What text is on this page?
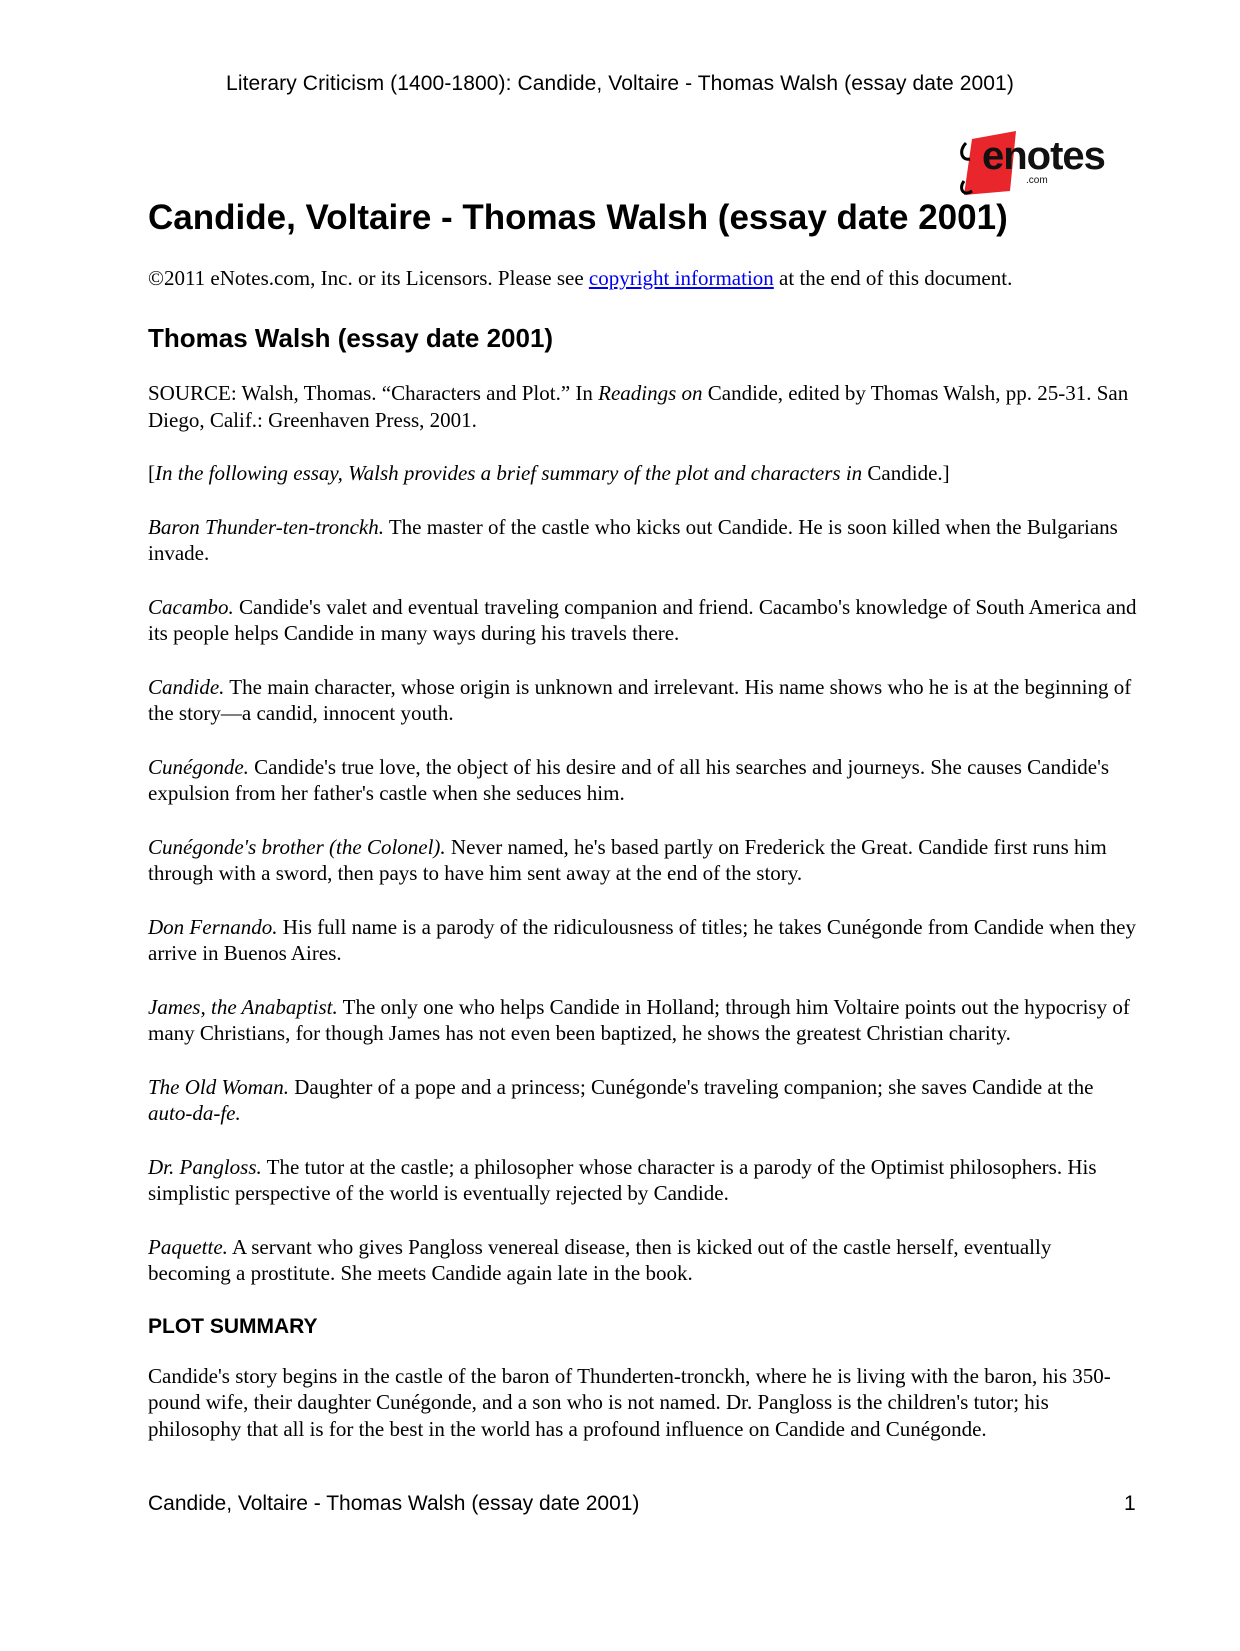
Literary Criticism (1400-1800): Candide, Voltaire - Thomas Walsh (essay date 2001)
enotes
.com
Candide, Voltaire - Thomas Walsh (essay date 2001)

©2011 eNotes.com, Inc. or its Licensors. Please see copyright information at the end of this document.

Thomas Walsh (essay date 2001)

SOURCE: Walsh, Thomas. “Characters and Plot.” In Readings on Candide, edited by Thomas Walsh, pp. 25-31. San Diego, Calif.: Greenhaven Press, 2001.

[In the following essay, Walsh provides a brief summary of the plot and characters in Candide.]

Baron Thunder-ten-tronckh. The master of the castle who kicks out Candide. He is soon killed when the Bulgarians invade.

Cacambo. Candide's valet and eventual traveling companion and friend. Cacambo's knowledge of South America and its people helps Candide in many ways during his travels there.

Candide. The main character, whose origin is unknown and irrelevant. His name shows who he is at the beginning of the story—a candid, innocent youth.

Cunégonde. Candide's true love, the object of his desire and of all his searches and journeys. She causes Candide's expulsion from her father's castle when she seduces him.

Cunégonde's brother (the Colonel). Never named, he's based partly on Frederick the Great. Candide first runs him through with a sword, then pays to have him sent away at the end of the story.

Don Fernando. His full name is a parody of the ridiculousness of titles; he takes Cunégonde from Candide when they arrive in Buenos Aires.

James, the Anabaptist. The only one who helps Candide in Holland; through him Voltaire points out the hypocrisy of many Christians, for though James has not even been baptized, he shows the greatest Christian charity.

The Old Woman. Daughter of a pope and a princess; Cunégonde's traveling companion; she saves Candide at the auto-da-fe.

Dr. Pangloss. The tutor at the castle; a philosopher whose character is a parody of the Optimist philosophers. His simplistic perspective of the world is eventually rejected by Candide.

Paquette. A servant who gives Pangloss venereal disease, then is kicked out of the castle herself, eventually becoming a prostitute. She meets Candide again late in the book.

PLOT SUMMARY

Candide's story begins in the castle of the baron of Thunderten-tronckh, where he is living with the baron, his 350-pound wife, their daughter Cunégonde, and a son who is not named. Dr. Pangloss is the children's tutor; his philosophy that all is for the best in the world has a profound influence on Candide and Cunégonde.

Candide, Voltaire - Thomas Walsh (essay date 2001)	1
